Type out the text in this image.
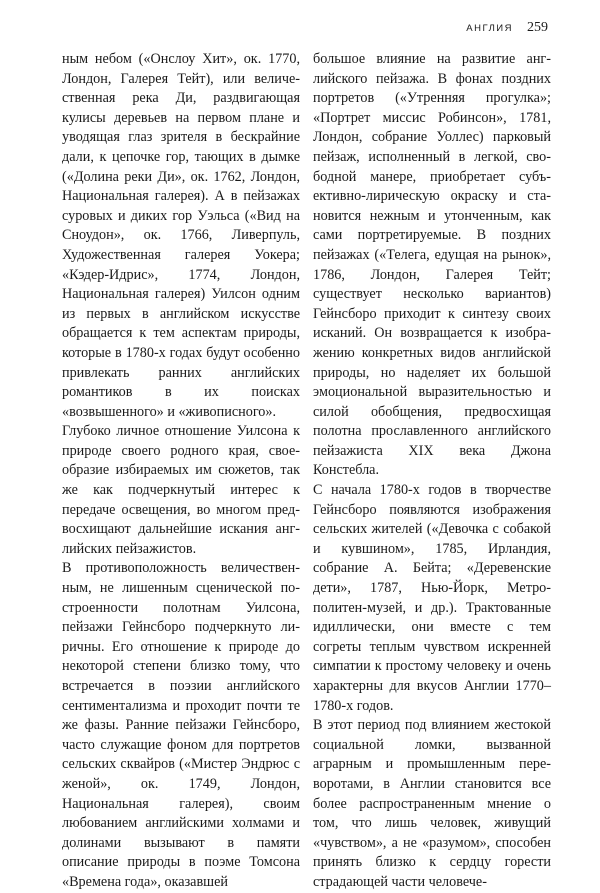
АНГЛИЯ 259

ным небом («Онслоу Хит», ок. 1770, Лондон, Галерея Тейт), или величественная река Ди, раздвигающая кулисы деревьев на первом плане и уводящая глаз зрителя в бескрайние дали, к цепочке гор, тающих в дымке («Долина реки Ди», ок. 1762, Лондон, Национальная галерея). А в пейзажах суровых и диких гор Уэльса («Вид на Сноудон», ок. 1766, Ливерпуль, Художественная галерея Уокера; «Кэдер-Идрис», 1774, Лондон, Национальная галерея) Уилсон одним из первых в английском искусстве обращается к тем аспектам природы, которые в 1780-х годах будут особенно привлекать ранних английских романтиков в их поисках «возвышенного» и «живописного».

Глубоко личное отношение Уилсона к природе своего родного края, своеобразие избираемых им сюжетов, так же как подчеркнутый интерес к передаче освещения, во многом предвосхищают дальнейшие искания английских пейзажистов.

В противоположность величественным, не лишенным сценической построенности полотнам Уилсона, пейзажи Гейнсборо подчеркнуто лиричны. Его отношение к природе до некоторой степени близко тому, что встречается в поэзии английского сентиментализма и проходит почти те же фазы. Ранние пейзажи Гейнсборо, часто служащие фоном для портретов сельских сквайров («Мистер Эндрюс с женой», ок. 1749, Лондон, Национальная галерея), своим любованием английскими холмами и долинами вызывают в памяти описание природы в поэме Томсона «Времена года», оказавшей

большое влияние на развитие английского пейзажа. В фонах поздних портретов («Утренняя прогулка»; «Портрет миссис Робинсон», 1781, Лондон, собрание Уоллес) парковый пейзаж, исполненный в легкой, свободной манере, приобретает субъективно-лирическую окраску и становится нежным и утонченным, как сами портретируемые. В поздних пейзажах («Телега, едущая на рынок», 1786, Лондон, Галерея Тейт; существует несколько вариантов) Гейнсборо приходит к синтезу своих исканий. Он возвращается к изображению конкретных видов английской природы, но наделяет их большой эмоциональной выразительностью и силой обобщения, предвосхищая полотна прославленного английского пейзажиста XIX века Джона Констебла.

С начала 1780-х годов в творчестве Гейнсборо появляются изображения сельских жителей («Девочка с собакой и кувшином», 1785, Ирландия, собрание А. Бейта; «Деревенские дети», 1787, Нью-Йорк, Метрополитен-музей, и др.). Трактованные идиллически, они вместе с тем согреты теплым чувством искренней симпатии к простому человеку и очень характерны для вкусов Англии 1770–1780-х годов.

В этот период под влиянием жестокой социальной ломки, вызванной аграрным и промышленным переворотами, в Англии становится все более распространенным мнение о том, что лишь человек, живущий «чувством», а не «разумом», способен принять близко к сердцу горести страдающей части человече-
